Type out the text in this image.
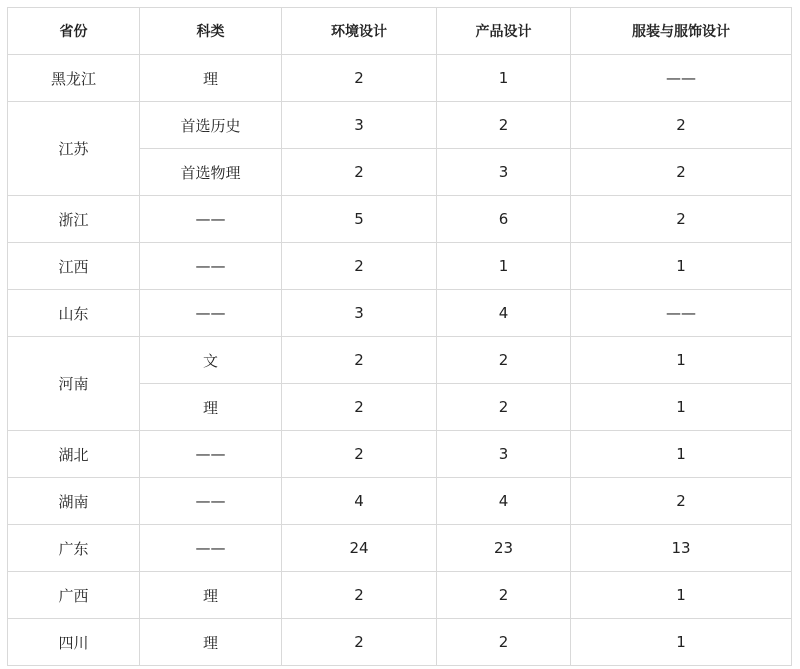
省份	科类	环境设计	产品设计	服装与服饰设计
黑龙江	理	2	1	——
江苏	首选历史	3	2	2
	首选物理	2	3	2
浙江	——	5	6	2
江西	——	2	1	1
山东	——	3	4	——
河南	文	2	2	1
	理	2	2	1
湖北	——	2	3	1
湖南	——	4	4	2
广东	——	24	23	13
广西	理	2	2	1
四川	理	2	2	1
